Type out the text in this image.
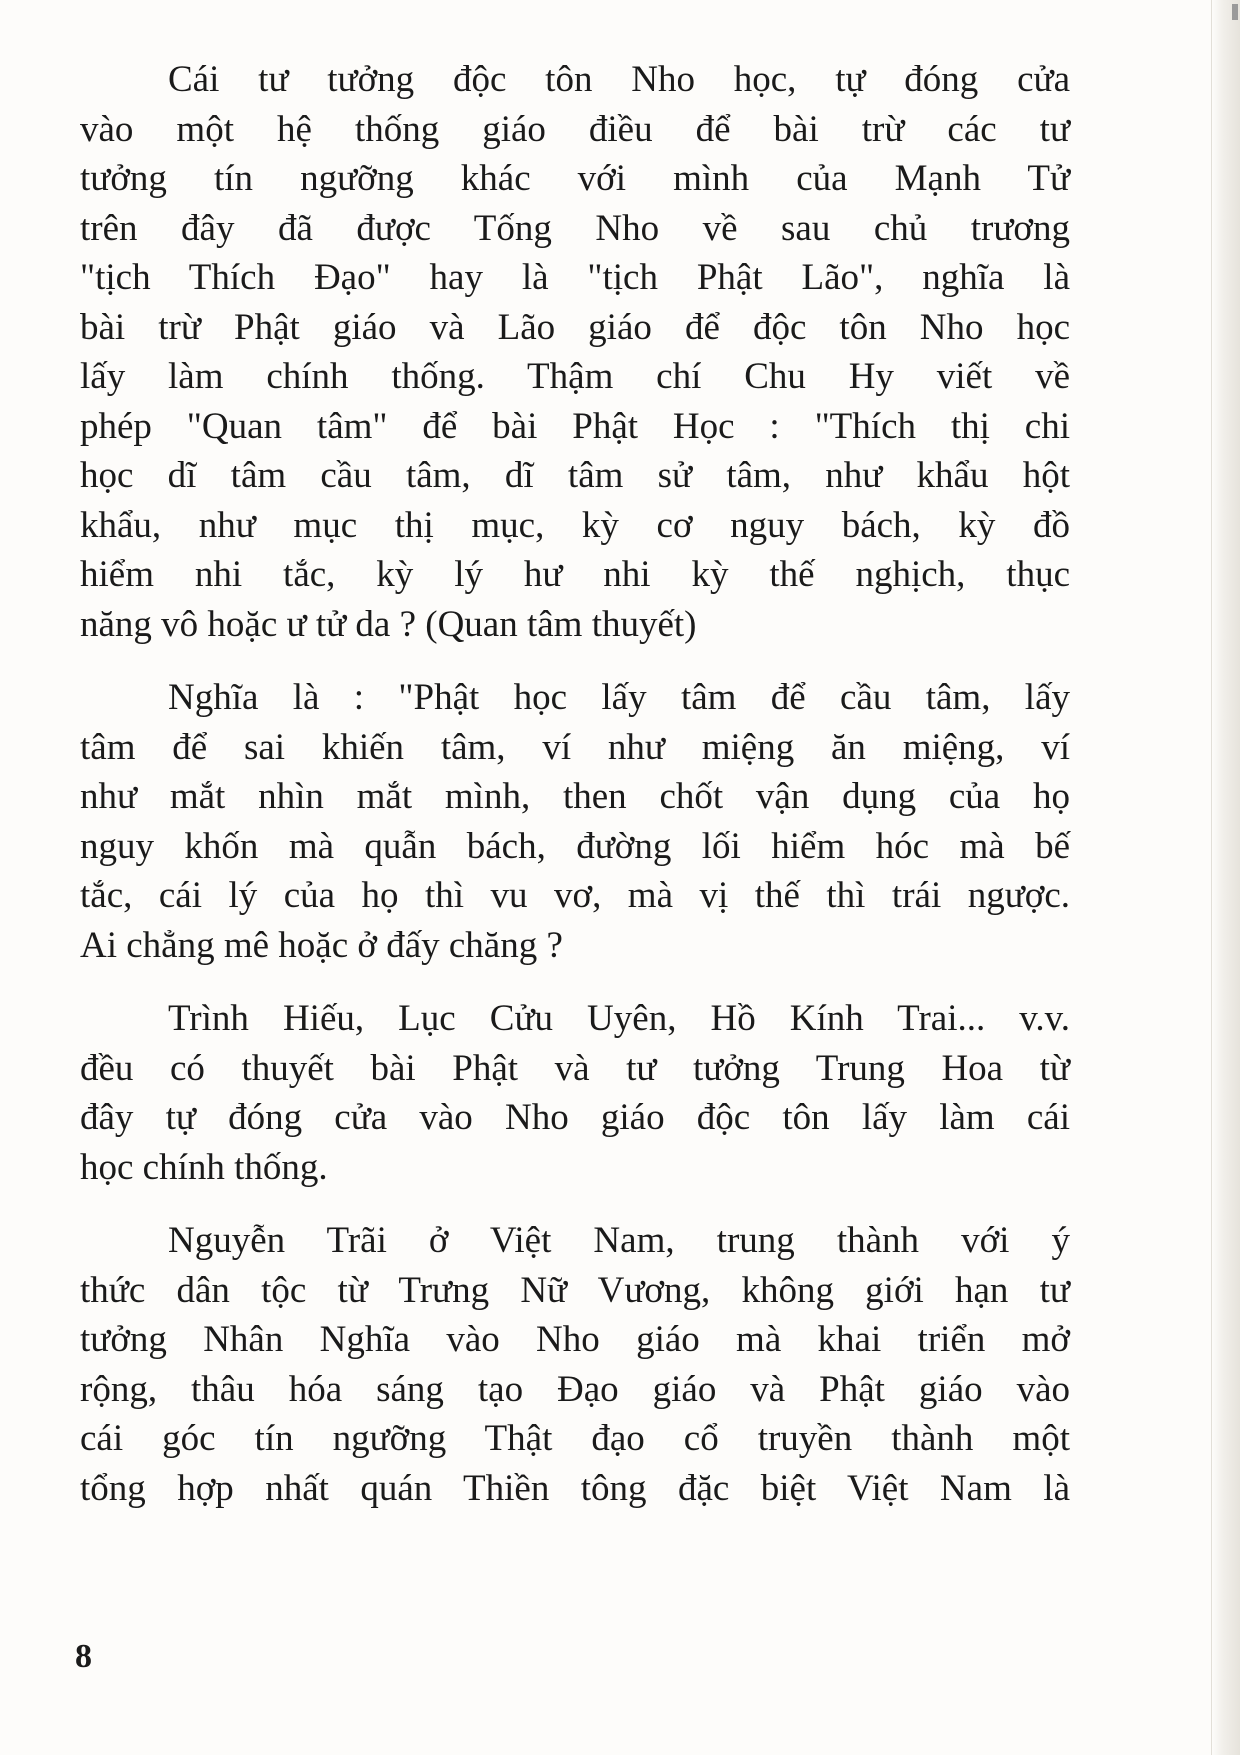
Cái tư tưởng độc tôn Nho học, tự đóng cửa
vào một hệ thống giáo điều để bài trừ các tư
tưởng tín ngưỡng khác với mình của Mạnh Tử
trên đây đã được Tống Nho về sau chủ trương
"tịch Thích Đạo" hay là "tịch Phật Lão", nghĩa là
bài trừ Phật giáo và Lão giáo để độc tôn Nho học
lấy làm chính thống. Thậm chí Chu Hy viết về
phép "Quan tâm" để bài Phật Học : "Thích thị chi
học dĩ tâm cầu tâm, dĩ tâm sử tâm, như khẩu hột
khẩu, như mục thị mục, kỳ cơ nguy bách, kỳ đồ
hiểm nhi tắc, kỳ lý hư nhi kỳ thế nghịch, thục
năng vô hoặc ư tử da ? (Quan tâm thuyết)
Nghĩa là : "Phật học lấy tâm để cầu tâm, lấy
tâm để sai khiến tâm, ví như miệng ăn miệng, ví
như mắt nhìn mắt mình, then chốt vận dụng của họ
nguy khốn mà quẫn bách, đường lối hiểm hóc mà bế
tắc, cái lý của họ thì vu vơ, mà vị thế thì trái ngược.
Ai chẳng mê hoặc ở đấy chăng ?
Trình Hiếu, Lục Cửu Uyên, Hồ Kính Trai... v.v.
đều có thuyết bài Phật và tư tưởng Trung Hoa từ
đây tự đóng cửa vào Nho giáo độc tôn lấy làm cái
học chính thống.
Nguyễn Trãi ở Việt Nam, trung thành với ý
thức dân tộc từ Trưng Nữ Vương, không giới hạn tư
tưởng Nhân Nghĩa vào Nho giáo mà khai triển mở
rộng, thâu hóa sáng tạo Đạo giáo và Phật giáo vào
cái góc tín ngưỡng Thật đạo cổ truyền thành một
tổng hợp nhất quán Thiền tông đặc biệt Việt Nam là
8
